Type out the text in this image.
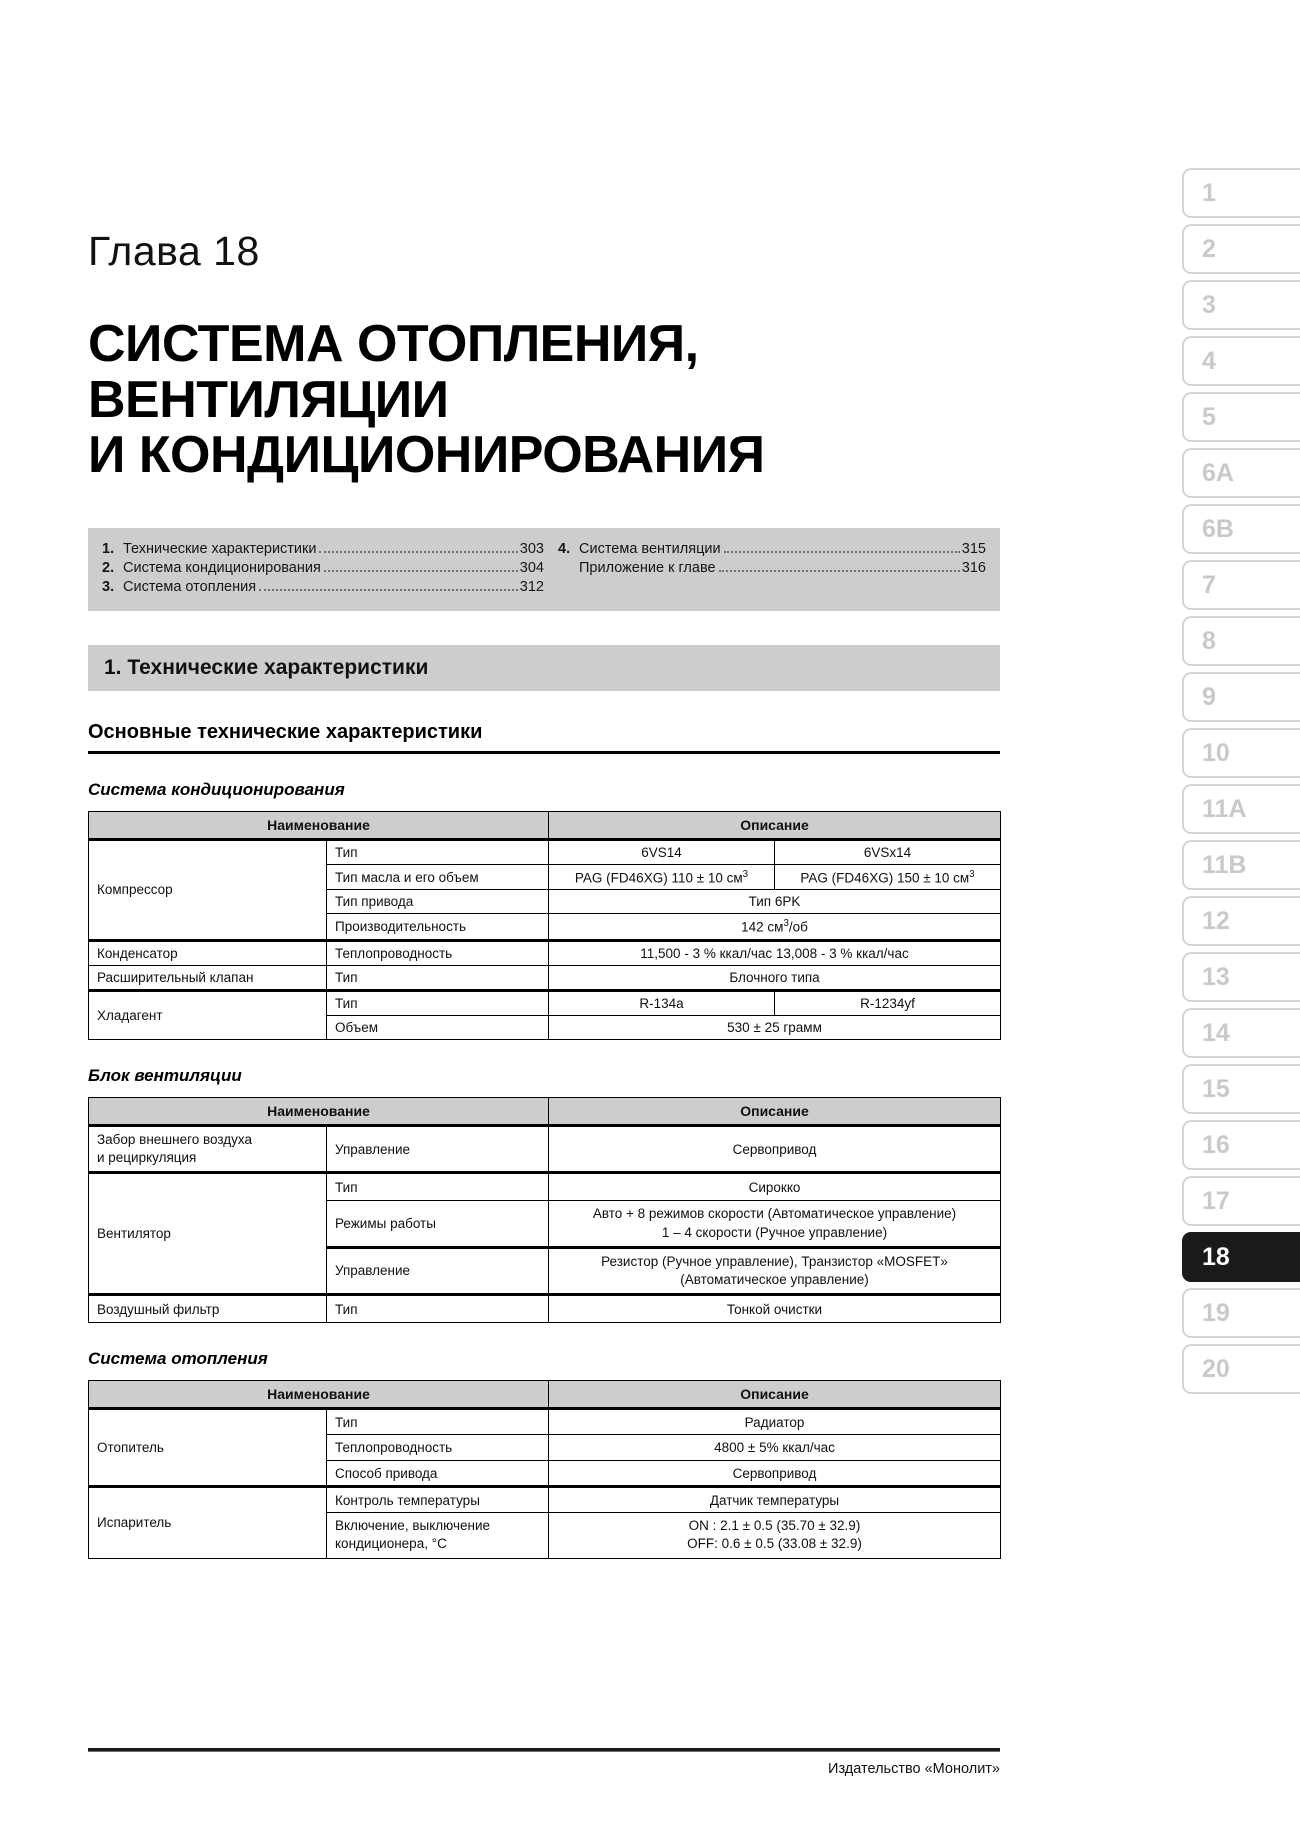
1
2
3
4
5
6A
6B
7
8
9
10
11A
11B
12
13
14
15
16
17
18
19
20
Глава 18
СИСТЕМА ОТОПЛЕНИЯ,
ВЕНТИЛЯЦИИ
И КОНДИЦИОНИРОВАНИЯ
1. Технические характеристики	303
2. Система кондиционирования	304
3. Система отопления	312
4. Система вентиляции	315
Приложение к главе	316
1. Технические характеристики
Основные технические характеристики
Система кондиционирования
Наименование		Описание	
Компрессор	Тип	6VS14	6VSx14
	Тип масла и его объем	PAG (FD46XG) 110 ± 10 $см^3$	PAG (FD46XG) 150 ± 10 $см^3$
	Тип привода	Тип 6PK	
	Производительность	142 $см^3/об$	
Конденсатор	Теплопроводность	11,500 - 3 % ккал/час 13,008 - 3 % ккал/час	
Расширительный клапан	Тип	Блочного типа	
Хладагент	Тип	R-134a	R-1234yf
	Объем	530 ± 25 грамм	
Блок вентиляции
Наименование		Описание
Забор внешнего воздуха
и рециркуляция	Управление	Сервопривод
Вентилятор	Тип	Сирокко
	Режимы работы	Авто + 8 режимов скорости (Автоматическое управление)
1 – 4 скорости (Ручное управление)
	Управление	Резистор (Ручное управление), Транзистор «MOSFET»
(Автоматическое управление)
Воздушный фильтр	Тип	Тонкой очистки
Система отопления
Наименование		Описание
Отопитель	Тип	Радиатор
	Теплопроводность	4800 ± 5% ккал/час
	Способ привода	Сервопривод
Испаритель	Контроль температуры	Датчик температуры
	Включение, выключение
кондиционера, °C	ON : 2.1 ± 0.5 (35.70 ± 32.9)
OFF: 0.6 ± 0.5 (33.08 ± 32.9)
Издательство «Монолит»
